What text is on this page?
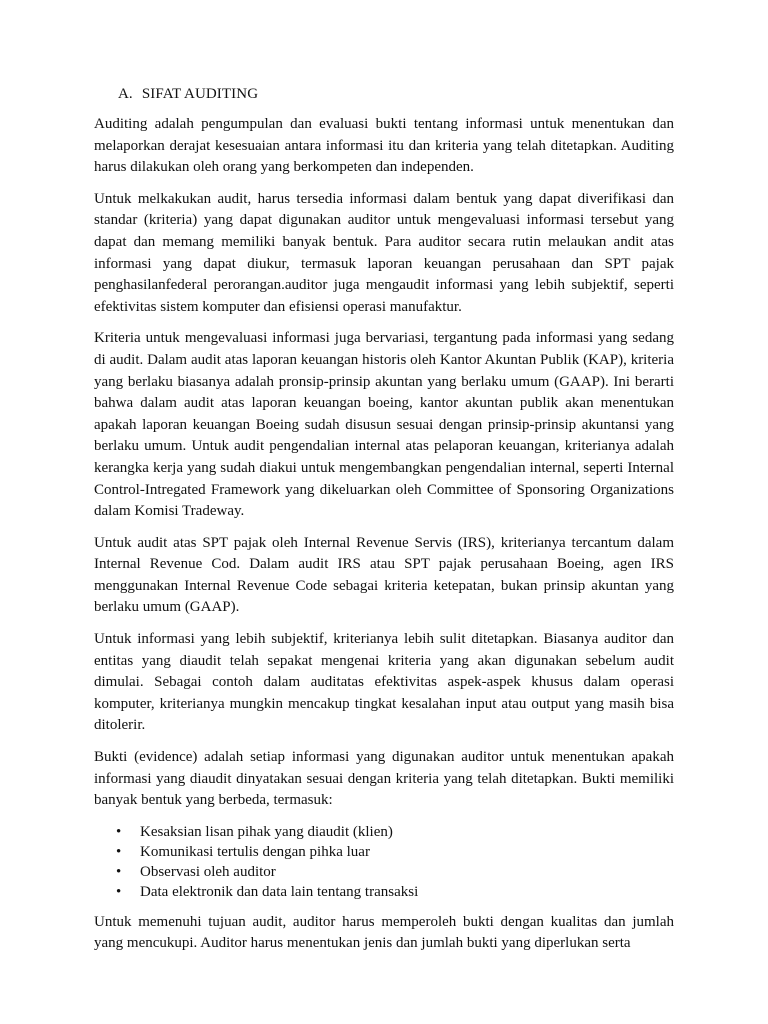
A. SIFAT AUDITING

Auditing adalah pengumpulan dan evaluasi bukti tentang informasi untuk menentukan dan melaporkan derajat kesesuaian antara informasi itu dan kriteria yang telah ditetapkan. Auditing harus dilakukan oleh orang yang berkompeten dan independen.

Untuk melkakukan audit, harus tersedia informasi dalam bentuk yang dapat diverifikasi dan standar (kriteria) yang dapat digunakan auditor untuk mengevaluasi informasi tersebut yang dapat dan memang memiliki banyak bentuk. Para auditor secara rutin melaukan andit atas informasi yang dapat diukur, termasuk laporan keuangan perusahaan dan SPT pajak penghasilanfederal perorangan.auditor juga mengaudit informasi yang lebih subjektif, seperti efektivitas sistem komputer dan efisiensi operasi manufaktur.

Kriteria untuk mengevaluasi informasi juga bervariasi, tergantung pada informasi yang sedang di audit. Dalam audit atas laporan keuangan historis oleh Kantor Akuntan Publik (KAP), kriteria yang berlaku biasanya adalah pronsip-prinsip akuntan yang berlaku umum (GAAP). Ini berarti bahwa dalam audit atas laporan keuangan boeing, kantor akuntan publik akan menentukan apakah laporan keuangan Boeing sudah disusun sesuai dengan prinsip-prinsip akuntansi yang berlaku umum. Untuk audit pengendalian internal atas pelaporan keuangan, kriterianya adalah kerangka kerja yang sudah diakui untuk mengembangkan pengendalian internal, seperti Internal Control-Intregated Framework yang dikeluarkan oleh Committee of Sponsoring Organizations dalam Komisi Tradeway.

Untuk audit atas SPT pajak oleh Internal Revenue Servis (IRS), kriterianya tercantum dalam Internal Revenue Cod. Dalam audit IRS atau SPT pajak perusahaan Boeing, agen IRS menggunakan Internal Revenue Code sebagai kriteria ketepatan, bukan prinsip akuntan yang berlaku umum (GAAP).

Untuk informasi yang lebih subjektif, kriterianya lebih sulit ditetapkan. Biasanya auditor dan entitas yang diaudit telah sepakat mengenai kriteria yang akan digunakan sebelum audit dimulai. Sebagai contoh dalam auditatas efektivitas aspek-aspek khusus dalam operasi komputer, kriterianya mungkin mencakup tingkat kesalahan input atau output yang masih bisa ditolerir.

Bukti (evidence) adalah setiap informasi yang digunakan auditor untuk menentukan apakah informasi yang diaudit dinyatakan sesuai dengan kriteria yang telah ditetapkan. Bukti memiliki banyak bentuk yang berbeda, termasuk:

• Kesaksian lisan pihak yang diaudit (klien)
• Komunikasi tertulis dengan pihka luar
• Observasi oleh auditor
• Data elektronik dan data lain tentang transaksi

Untuk memenuhi tujuan audit, auditor harus memperoleh bukti dengan kualitas dan jumlah yang mencukupi. Auditor harus menentukan jenis dan jumlah bukti yang diperlukan serta
